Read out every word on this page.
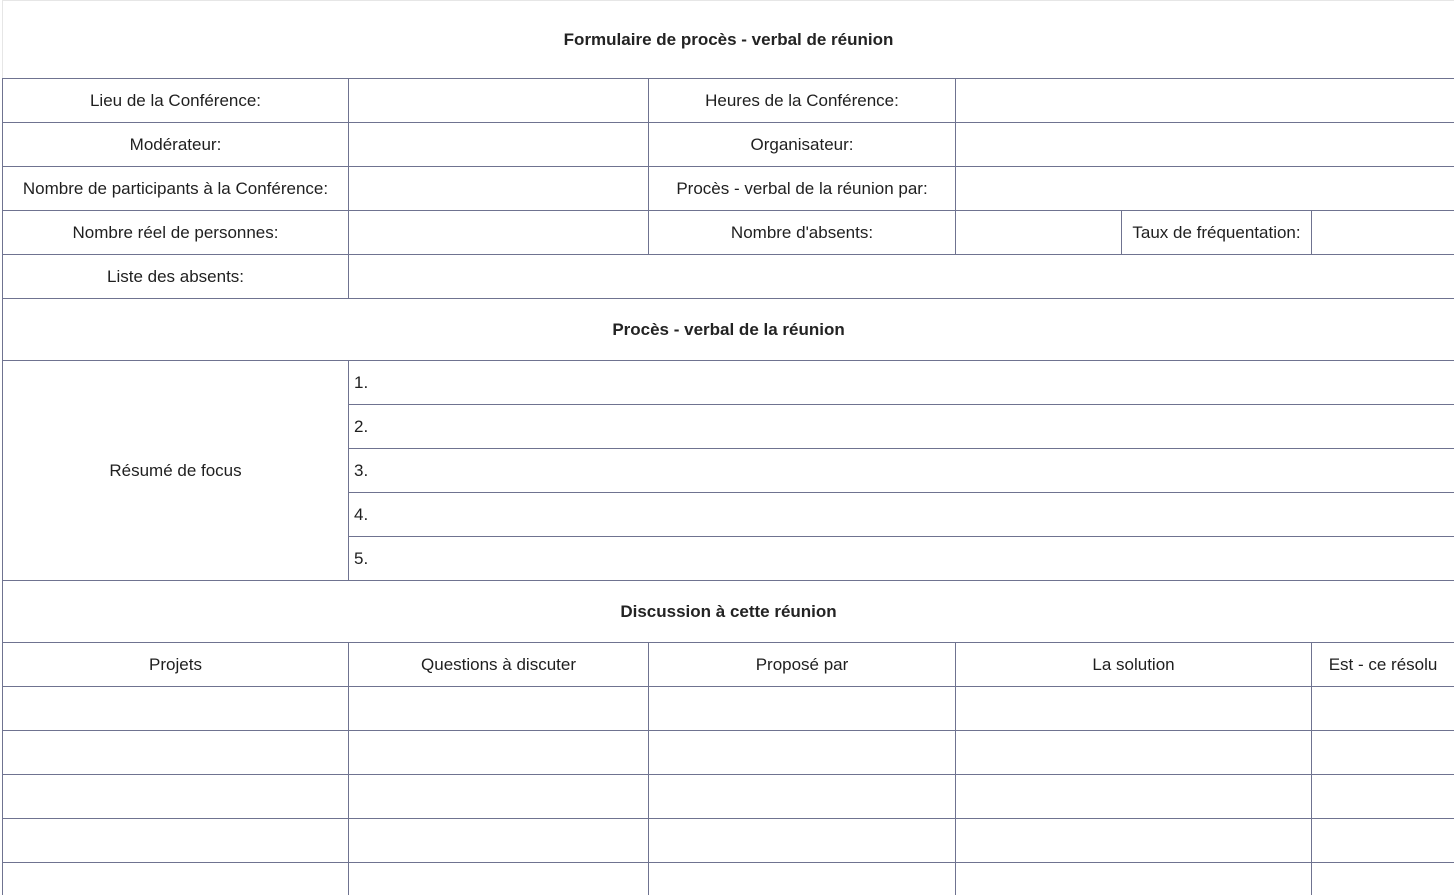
Formulaire de procès - verbal de réunion					
Lieu de la Conférence:		Heures de la Conférence:			
Modérateur:		Organisateur:			
Nombre de participants à la Conférence:		Procès - verbal de la réunion par:			
Nombre réel de personnes:		Nombre d'absents:		Taux de fréquentation:	
Liste des absents:					
Procès - verbal de la réunion					
Résumé de focus	1.				
	2.				
	3.				
	4.				
	5.				
Discussion à cette réunion					
Projets	Questions à discuter	Proposé par	La solution		Est - ce résolu
